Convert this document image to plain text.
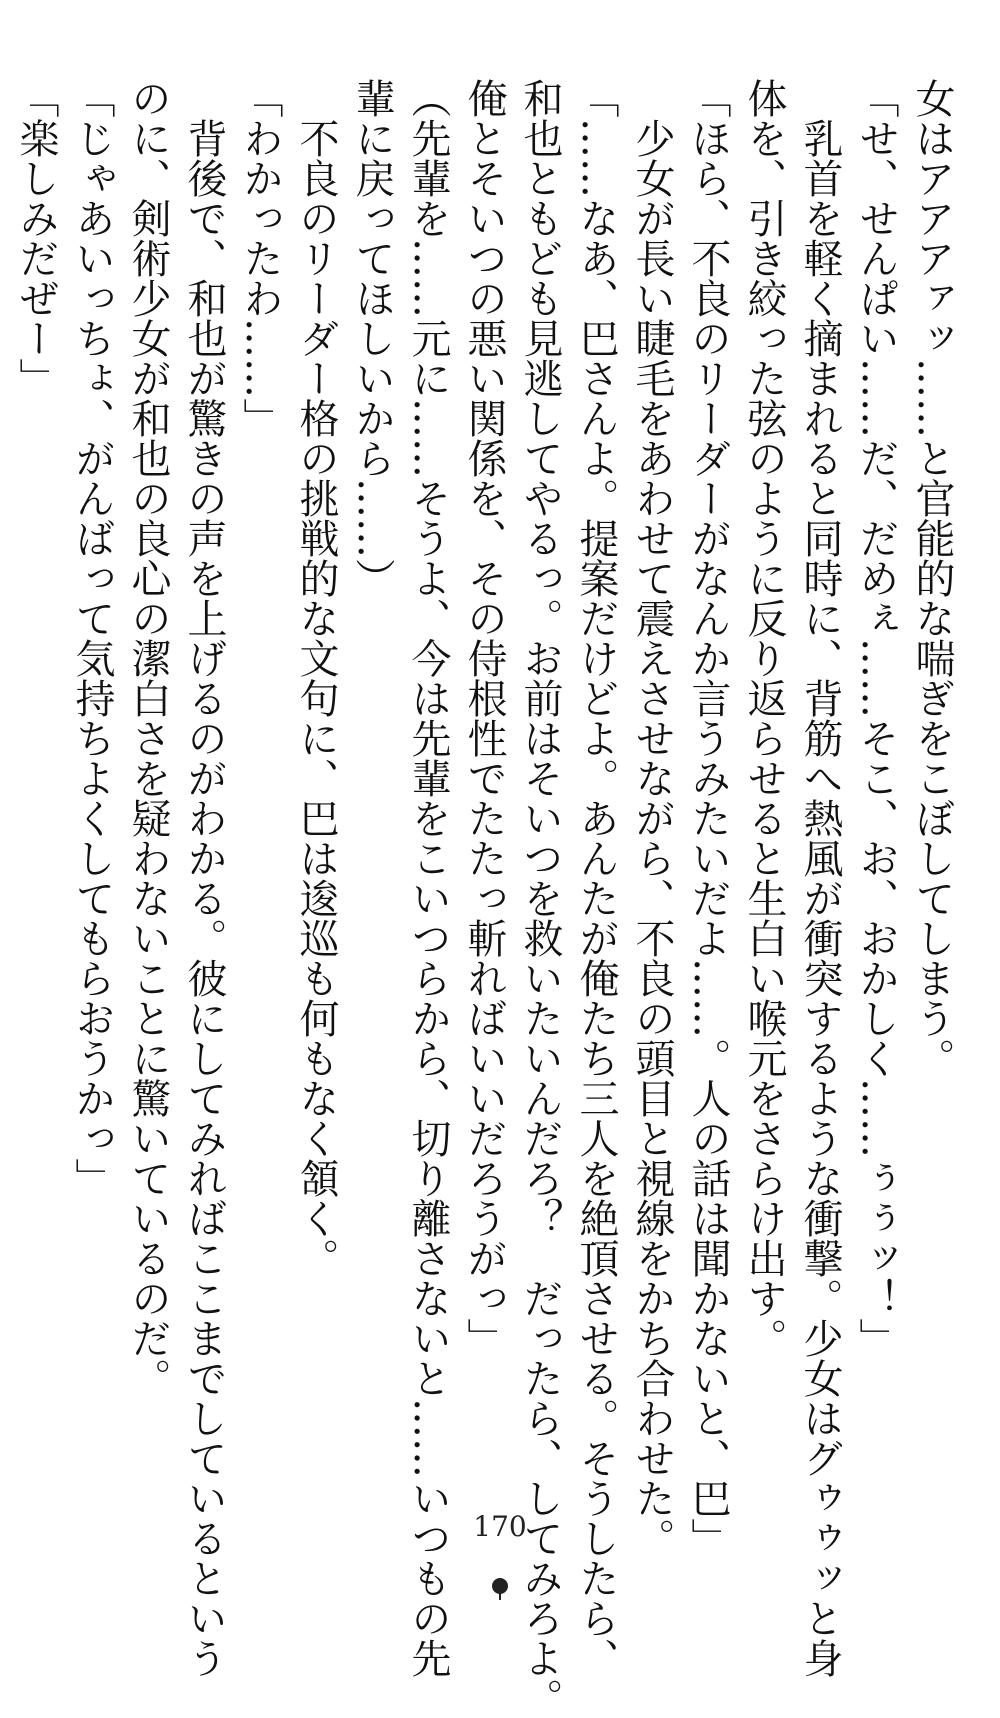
女はアアアァッ……と官能的な喘ぎをこぼしてしまう。
「せ、せんぱい……だ、だめぇ……そこ、お、おかしく……ぅぅッ！」
　乳首を軽く摘まれると同時に、背筋へ熱風が衝突するような衝撃。少女はグゥゥッと身
体を、引き絞った弦のように反り返らせると生白い喉元をさらけ出す。
「ほら、不良のリーダーがなんか言うみたいだよ……。人の話は聞かないと、巴」
　少女が長い睫毛をあわせて震えさせながら、不良の頭目と視線をかち合わせた。
「……なあ、巴さんよ。提案だけどよ。あんたが俺たち三人を絶頂させる。そうしたら、
和也ともども見逃してやるっ。お前はそいつを救いたいんだろ？　だったら、してみろよ。
俺とそいつの悪い関係を、その侍根性でたたっ斬ればいいだろうがっ」
（先輩を……元に……そうよ、今は先輩をこいつらから、切り離さないと……いつもの先
輩に戻ってほしいから……）
　不良のリーダー格の挑戦的な文句に、巴は逡巡も何もなく頷く。
「わかったわ……」
　背後で、和也が驚きの声を上げるのがわかる。彼にしてみればここまでしているという
のに、剣術少女が和也の良心の潔白さを疑わないことに驚いているのだ。
「じゃあいっちょ、がんばって気持ちよくしてもらおうかっ」
「楽しみだぜー」
170
